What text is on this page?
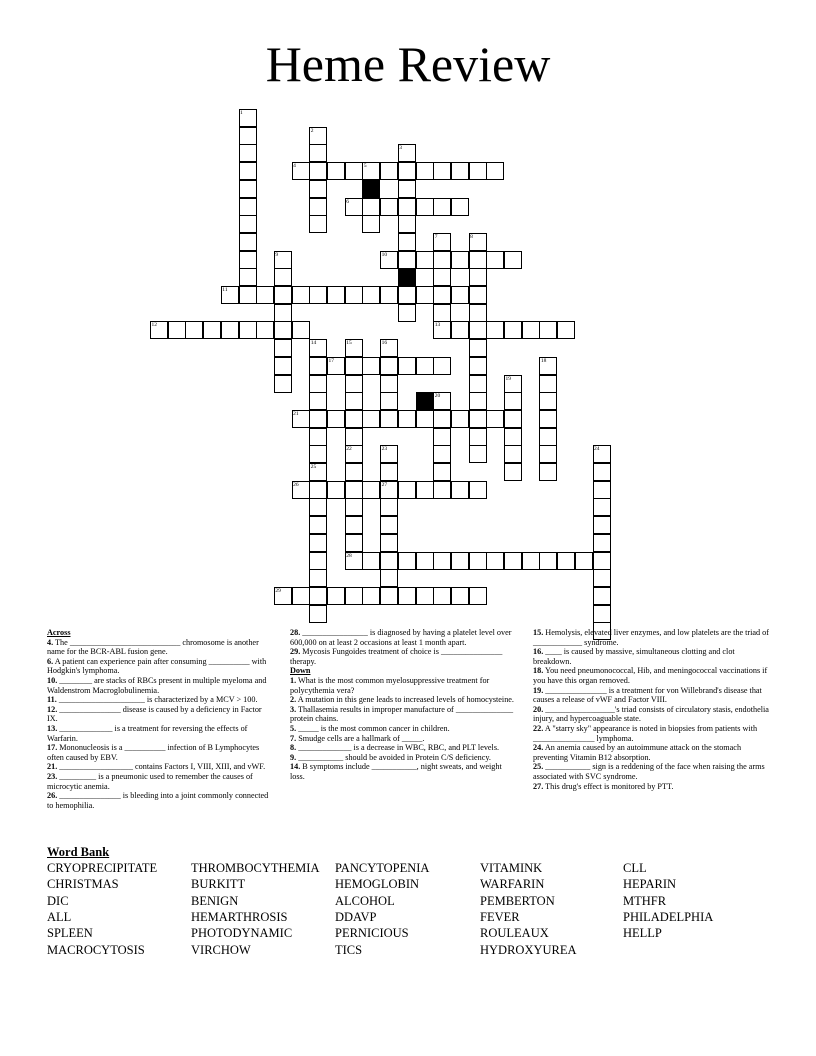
Heme Review
1
2
3
4	5
6
7	8
9	10
11
12	13
14	15	16
17	18
19
20
21
22	23	24
25
26	27
28
29
Across
4. The ___________________________ chromosome is another name for the BCR-ABL fusion gene.
6. A patient can experience pain after consuming __________ with Hodgkin's lymphoma.
10. ________ are stacks of RBCs present in multiple myeloma and Waldenstrom Macroglobulinemia.
11. _____________________ is characterized by a MCV > 100.
12. _______________ disease is caused by a deficiency in Factor IX.
13. _____________ is a treatment for reversing the effects of Warfarin.
17. Mononucleosis is a __________ infection of B Lymphocytes often caused by EBV.
21. __________________ contains Factors I, VIII, XIII, and vWF.
23. _________ is a pneumonic used to remember the causes of microcytic anemia.
26. _______________ is bleeding into a joint commonly connected to hemophilia.
28. ________________ is diagnosed by having a platelet level over 600,000 on at least 2 occasions at least 1 month apart.
29. Mycosis Fungoides treatment of choice is _______________ therapy.
Down
1. What is the most common myelosuppressive treatment for polycythemia vera?
2. A mutation in this gene leads to increased levels of homocysteine.
3. Thallasemia results in improper manufacture of ______________ protein chains.
5. _____ is the most common cancer in children.
7. Smudge cells are a hallmark of _____.
8. _____________ is a decrease in WBC, RBC, and PLT levels.
9. ___________ should be avoided in Protein C/S deficiency.
14. B symptoms include ___________, night sweats, and weight loss.
15. Hemolysis, elevated liver enzymes, and low platelets are the triad of ____________ syndrome.
16. ____ is caused by massive, simultaneous clotting and clot breakdown.
18. You need pneumonococcal, Hib, and meningococcal vaccinations if you have this organ removed.
19. _______________ is a treatment for von Willebrand's disease that causes a release of vWF and Factor VIII.
20. _________________'s triad consists of circulatory stasis, endothelia injury, and hypercoaguable state.
22. A "starry sky" appearance is noted in biopsies from patients with _______________ lymphoma.
24. An anemia caused by an autoimmune attack on the stomach preventing Vitamin B12 absorption.
25. ___________ sign is a reddening of the face when raising the arms associated with SVC syndrome.
27. This drug's effect is monitored by PTT.
Word Bank
CRYOPRECIPITATE
CHRISTMAS
DIC
ALL
SPLEEN
MACROCYTOSIS
THROMBOCYTHEMIA
BURKITT
BENIGN
HEMARTHROSIS
PHOTODYNAMIC
VIRCHOW
PANCYTOPENIA
HEMOGLOBIN
ALCOHOL
DDAVP
PERNICIOUS
TICS
VITAMINK
WARFARIN
PEMBERTON
FEVER
ROULEAUX
HYDROXYUREA
CLL
HEPARIN
MTHFR
PHILADELPHIA
HELLP
